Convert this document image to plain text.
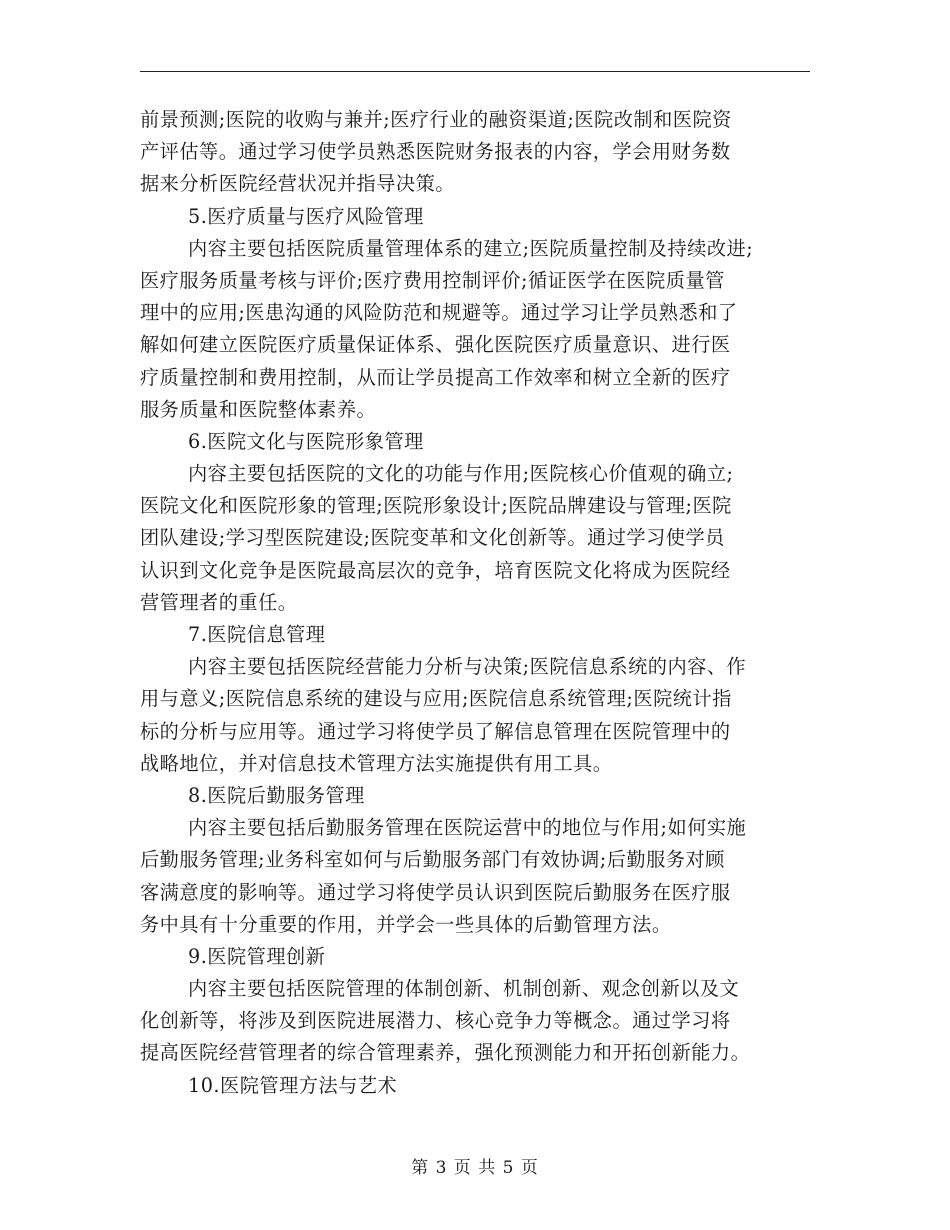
前景预测;医院的收购与兼并;医疗行业的融资渠道;医院改制和医院资
产评估等。通过学习使学员熟悉医院财务报表的内容，学会用财务数
据来分析医院经营状况并指导决策。
5.医疗质量与医疗风险管理
内容主要包括医院质量管理体系的建立;医院质量控制及持续改进;
医疗服务质量考核与评价;医疗费用控制评价;循证医学在医院质量管
理中的应用;医患沟通的风险防范和规避等。通过学习让学员熟悉和了
解如何建立医院医疗质量保证体系、强化医院医疗质量意识、进行医
疗质量控制和费用控制，从而让学员提高工作效率和树立全新的医疗
服务质量和医院整体素养。
6.医院文化与医院形象管理
内容主要包括医院的文化的功能与作用;医院核心价值观的确立;
医院文化和医院形象的管理;医院形象设计;医院品牌建设与管理;医院
团队建设;学习型医院建设;医院变革和文化创新等。通过学习使学员
认识到文化竞争是医院最高层次的竞争，培育医院文化将成为医院经
营管理者的重任。
7.医院信息管理
内容主要包括医院经营能力分析与决策;医院信息系统的内容、作
用与意义;医院信息系统的建设与应用;医院信息系统管理;医院统计指
标的分析与应用等。通过学习将使学员了解信息管理在医院管理中的
战略地位，并对信息技术管理方法实施提供有用工具。
8.医院后勤服务管理
内容主要包括后勤服务管理在医院运营中的地位与作用;如何实施
后勤服务管理;业务科室如何与后勤服务部门有效协调;后勤服务对顾
客满意度的影响等。通过学习将使学员认识到医院后勤服务在医疗服
务中具有十分重要的作用，并学会一些具体的后勤管理方法。
9.医院管理创新
内容主要包括医院管理的体制创新、机制创新、观念创新以及文
化创新等，将涉及到医院进展潜力、核心竞争力等概念。通过学习将
提高医院经营管理者的综合管理素养，强化预测能力和开拓创新能力。
10.医院管理方法与艺术
第 3 页 共 5 页
